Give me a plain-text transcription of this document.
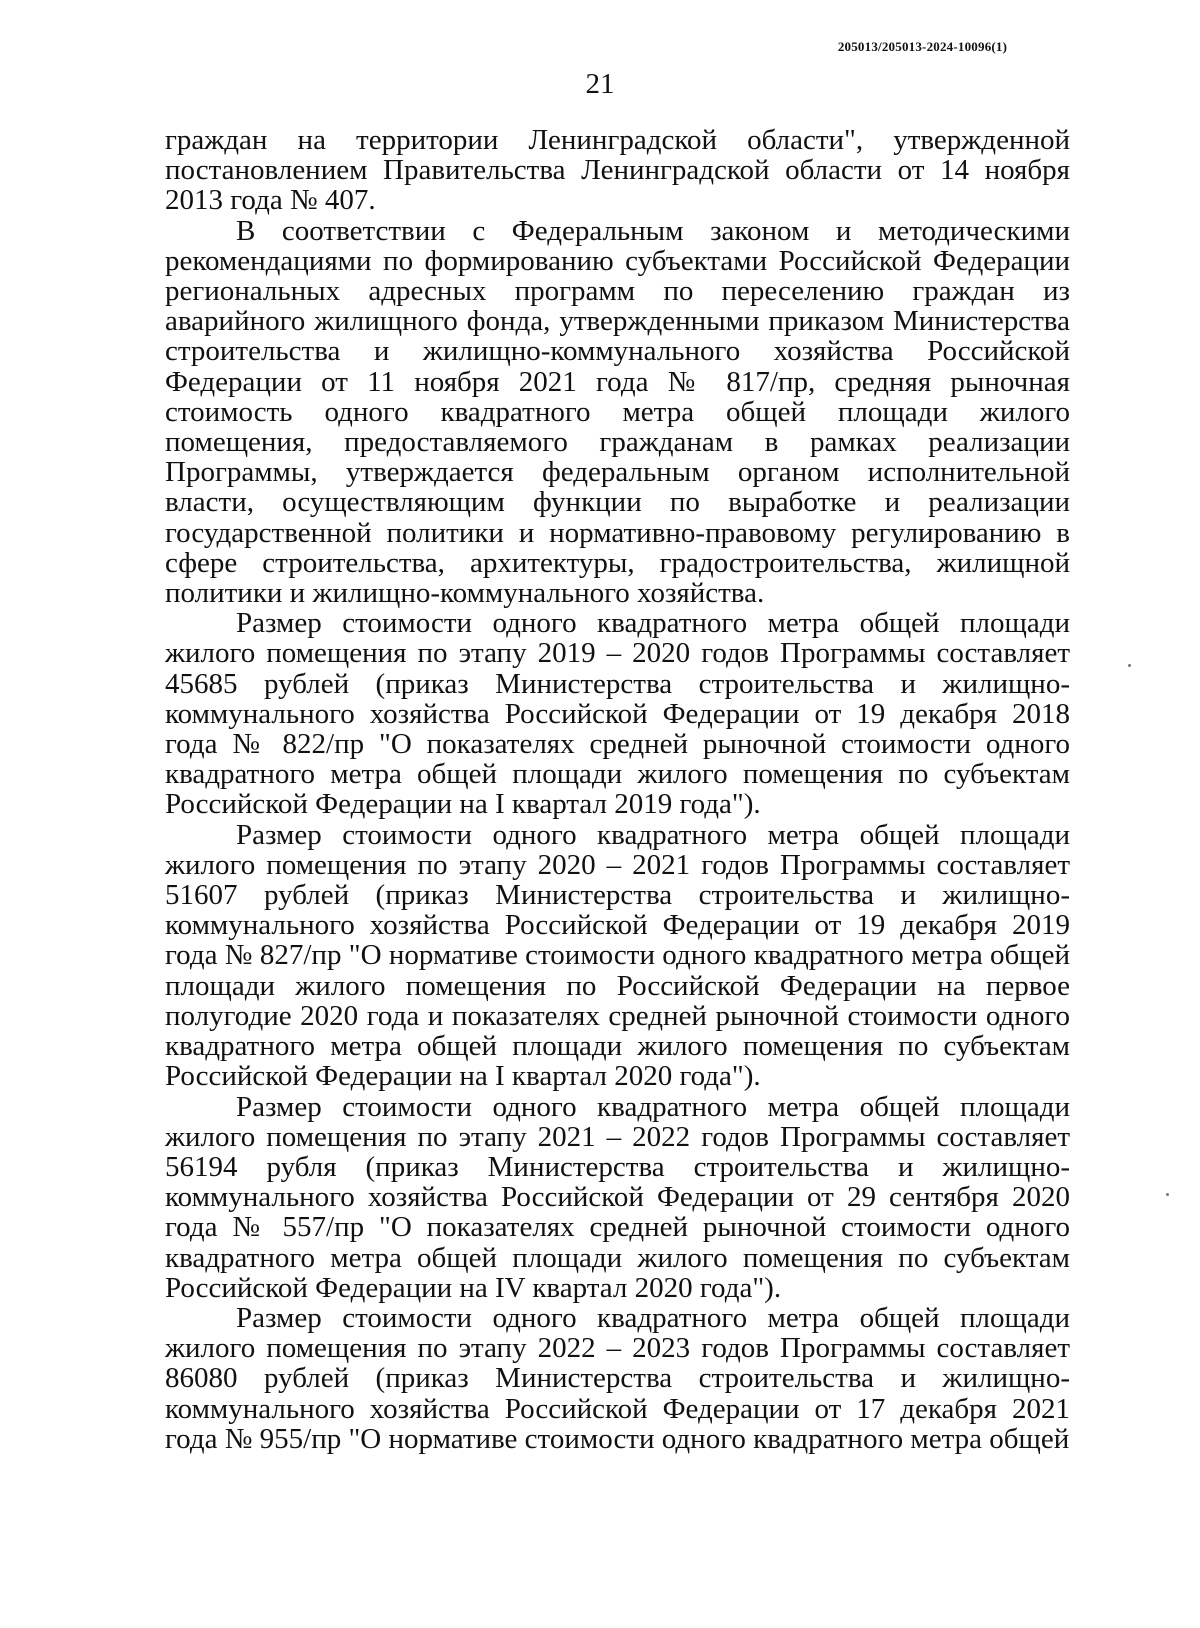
205013/205013-2024-10096(1)
21

граждан на территории Ленинградской области", утвержденной постановлением Правительства Ленинградской области от 14 ноября 2013 года № 407.

В соответствии с Федеральным законом и методическими рекомендациями по формированию субъектами Российской Федерации региональных адресных программ по переселению граждан из аварийного жилищного фонда, утвержденными приказом Министерства строительства и жилищно-коммунального хозяйства Российской Федерации от 11 ноября 2021 года № 817/пр, средняя рыночная стоимость одного квадратного метра общей площади жилого помещения, предоставляемого гражданам в рамках реализации Программы, утверждается федеральным органом исполнительной власти, осуществляющим функции по выработке и реализации государственной политики и нормативно-правовому регулированию в сфере строительства, архитектуры, градостроительства, жилищной политики и жилищно-коммунального хозяйства.

Размер стоимости одного квадратного метра общей площади жилого помещения по этапу 2019 – 2020 годов Программы составляет 45685 рублей (приказ Министерства строительства и жилищно-коммунального хозяйства Российской Федерации от 19 декабря 2018 года № 822/пр "О показателях средней рыночной стоимости одного квадратного метра общей площади жилого помещения по субъектам Российской Федерации на I квартал 2019 года").

Размер стоимости одного квадратного метра общей площади жилого помещения по этапу 2020 – 2021 годов Программы составляет 51607 рублей (приказ Министерства строительства и жилищно-коммунального хозяйства Российской Федерации от 19 декабря 2019 года № 827/пр "О нормативе стоимости одного квадратного метра общей площади жилого помещения по Российской Федерации на первое полугодие 2020 года и показателях средней рыночной стоимости одного квадратного метра общей площади жилого помещения по субъектам Российской Федерации на I квартал 2020 года").

Размер стоимости одного квадратного метра общей площади жилого помещения по этапу 2021 – 2022 годов Программы составляет 56194 рубля (приказ Министерства строительства и жилищно-коммунального хозяйства Российской Федерации от 29 сентября 2020 года № 557/пр "О показателях средней рыночной стоимости одного квадратного метра общей площади жилого помещения по субъектам Российской Федерации на IV квартал 2020 года").

Размер стоимости одного квадратного метра общей площади жилого помещения по этапу 2022 – 2023 годов Программы составляет 86080 рублей (приказ Министерства строительства и жилищно-коммунального хозяйства Российской Федерации от 17 декабря 2021 года № 955/пр "О нормативе стоимости одного квадратного метра общей
